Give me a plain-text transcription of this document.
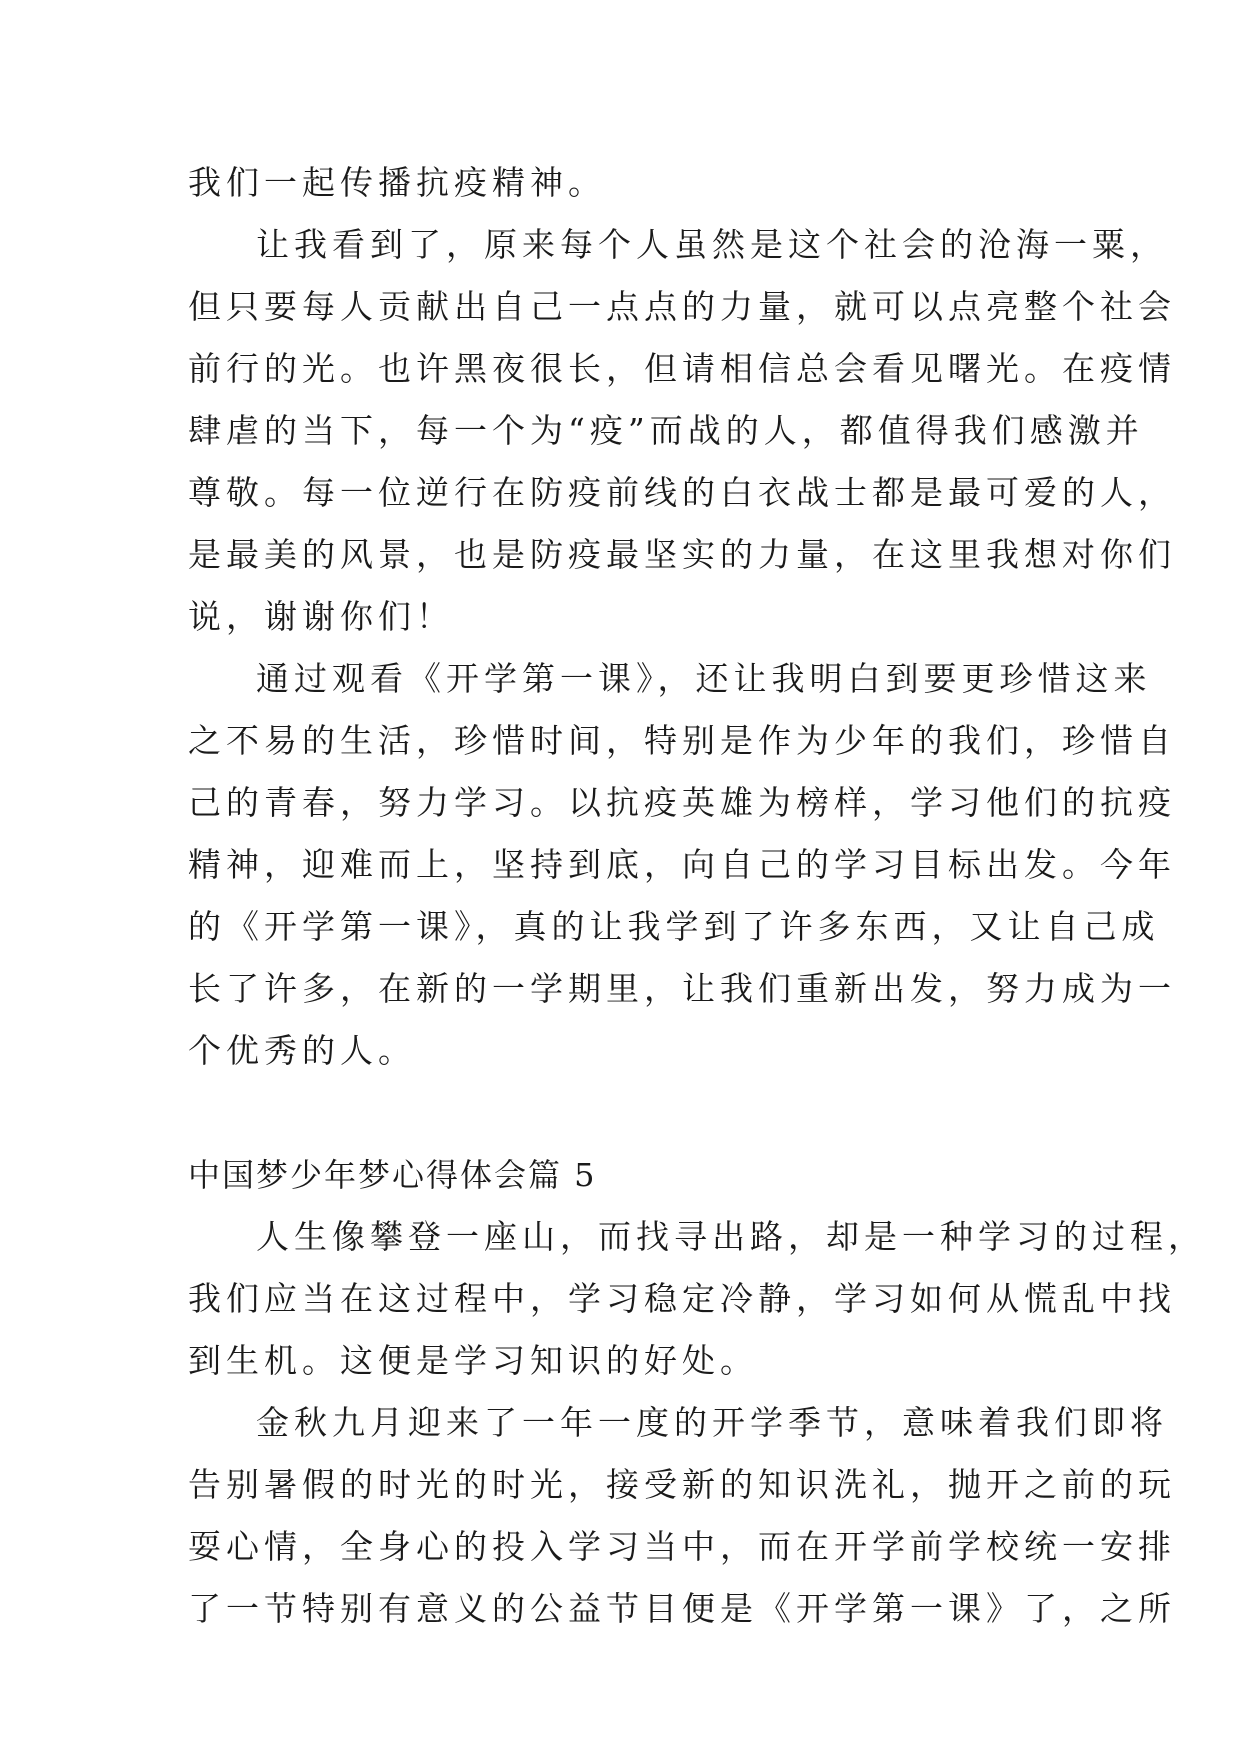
我们一起传播抗疫精神。

让我看到了，原来每个人虽然是这个社会的沧海一粟，

但只要每人贡献出自己一点点的力量，就可以点亮整个社会

前行的光。也许黑夜很长，但请相信总会看见曙光。在疫情

肆虐的当下，每一个为“疫”而战的人，都值得我们感激并

尊敬。每一位逆行在防疫前线的白衣战士都是最可爱的人，

是最美的风景，也是防疫最坚实的力量，在这里我想对你们

说，谢谢你们！

通过观看《开学第一课》，还让我明白到要更珍惜这来

之不易的生活，珍惜时间，特别是作为少年的我们，珍惜自

己的青春，努力学习。以抗疫英雄为榜样，学习他们的抗疫

精神，迎难而上，坚持到底，向自己的学习目标出发。今年

的《开学第一课》，真的让我学到了许多东西，又让自己成

长了许多，在新的一学期里，让我们重新出发，努力成为一

个优秀的人。

中国梦少年梦心得体会篇 5

人生像攀登一座山，而找寻出路，却是一种学习的过程，

我们应当在这过程中，学习稳定冷静，学习如何从慌乱中找

到生机。这便是学习知识的好处。

金秋九月迎来了一年一度的开学季节，意味着我们即将

告别暑假的时光的时光，接受新的知识洗礼，抛开之前的玩

耍心情，全身心的投入学习当中，而在开学前学校统一安排

了一节特别有意义的公益节目便是《开学第一课》了，之所
